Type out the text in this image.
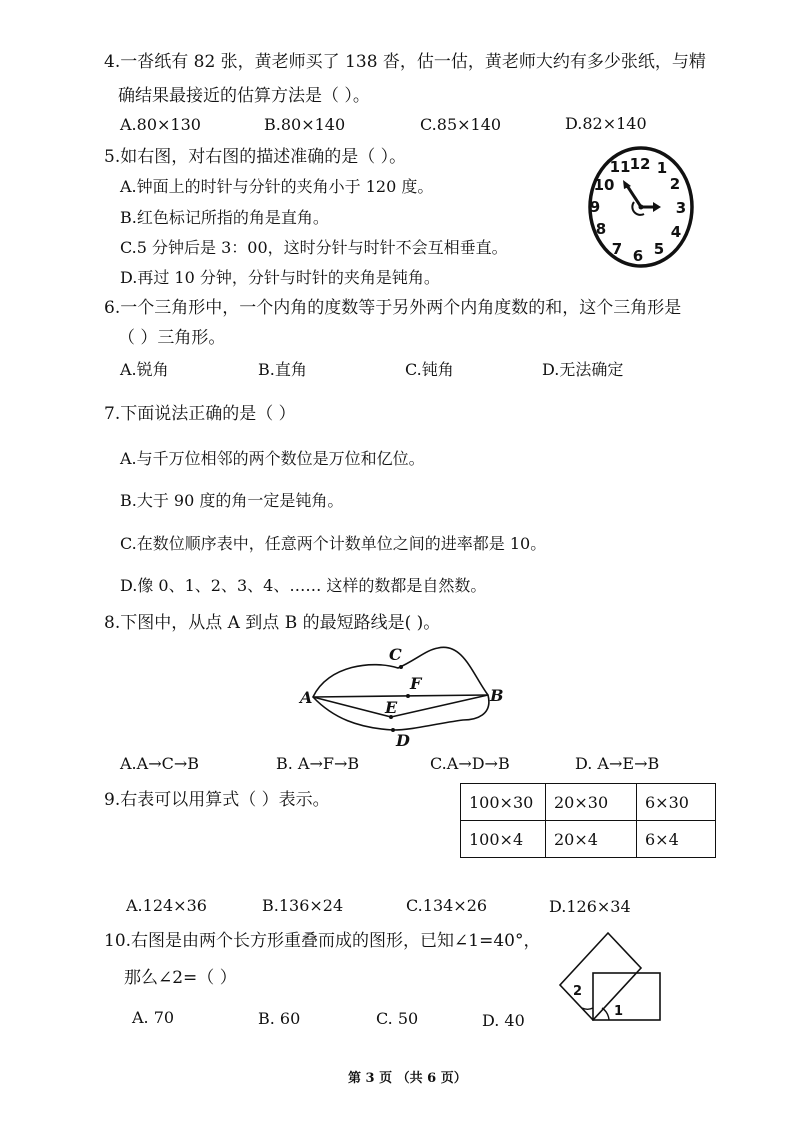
4.一沓纸有 82 张，黄老师买了 138 沓，估一估，黄老师大约有多少张纸，与精
确结果最接近的估算方法是（ ）。
A.80×130	B.80×140	C.85×140	D.82×140
5.如右图，对右图的描述准确的是（ ）。
A.钟面上的时针与分针的夹角小于 120 度。
B.红色标记所指的角是直角。
C.5 分钟后是 3：00，这时分针与时针不会互相垂直。
D.再过 10 分钟，分针与时针的夹角是钝角。
12 1
2
3
4
5
6
7
8
9
10
11
6.一个三角形中，一个内角的度数等于另外两个内角度数的和，这个三角形是
（ ）三角形。
A.锐角	B.直角	C.钝角	D.无法确定
7.下面说法正确的是（ ）
A.与千万位相邻的两个数位是万位和亿位。
B.大于 90 度的角一定是钝角。
C.在数位顺序表中，任意两个计数单位之间的进率都是 10。
D.像 0、1、2、3、4、…… 这样的数都是自然数。
8.下图中，从点 A 到点 B 的最短路线是( )。
A	B
C
D
E
F
A.A→C→B	B. A→F→B	C.A→D→B	D. A→E→B
9.右表可以用算式（ ）表示。	100×30	20×30	6×30
100×4	20×4	6×4
A.124×36	B.136×24	C.134×26	D.126×34
10.右图是由两个长方形重叠而成的图形，已知∠1=40°，
那么∠2=（ ）
2
1
A. 70	B. 60	C. 50	D. 40
第 3 页 （共 6 页）
